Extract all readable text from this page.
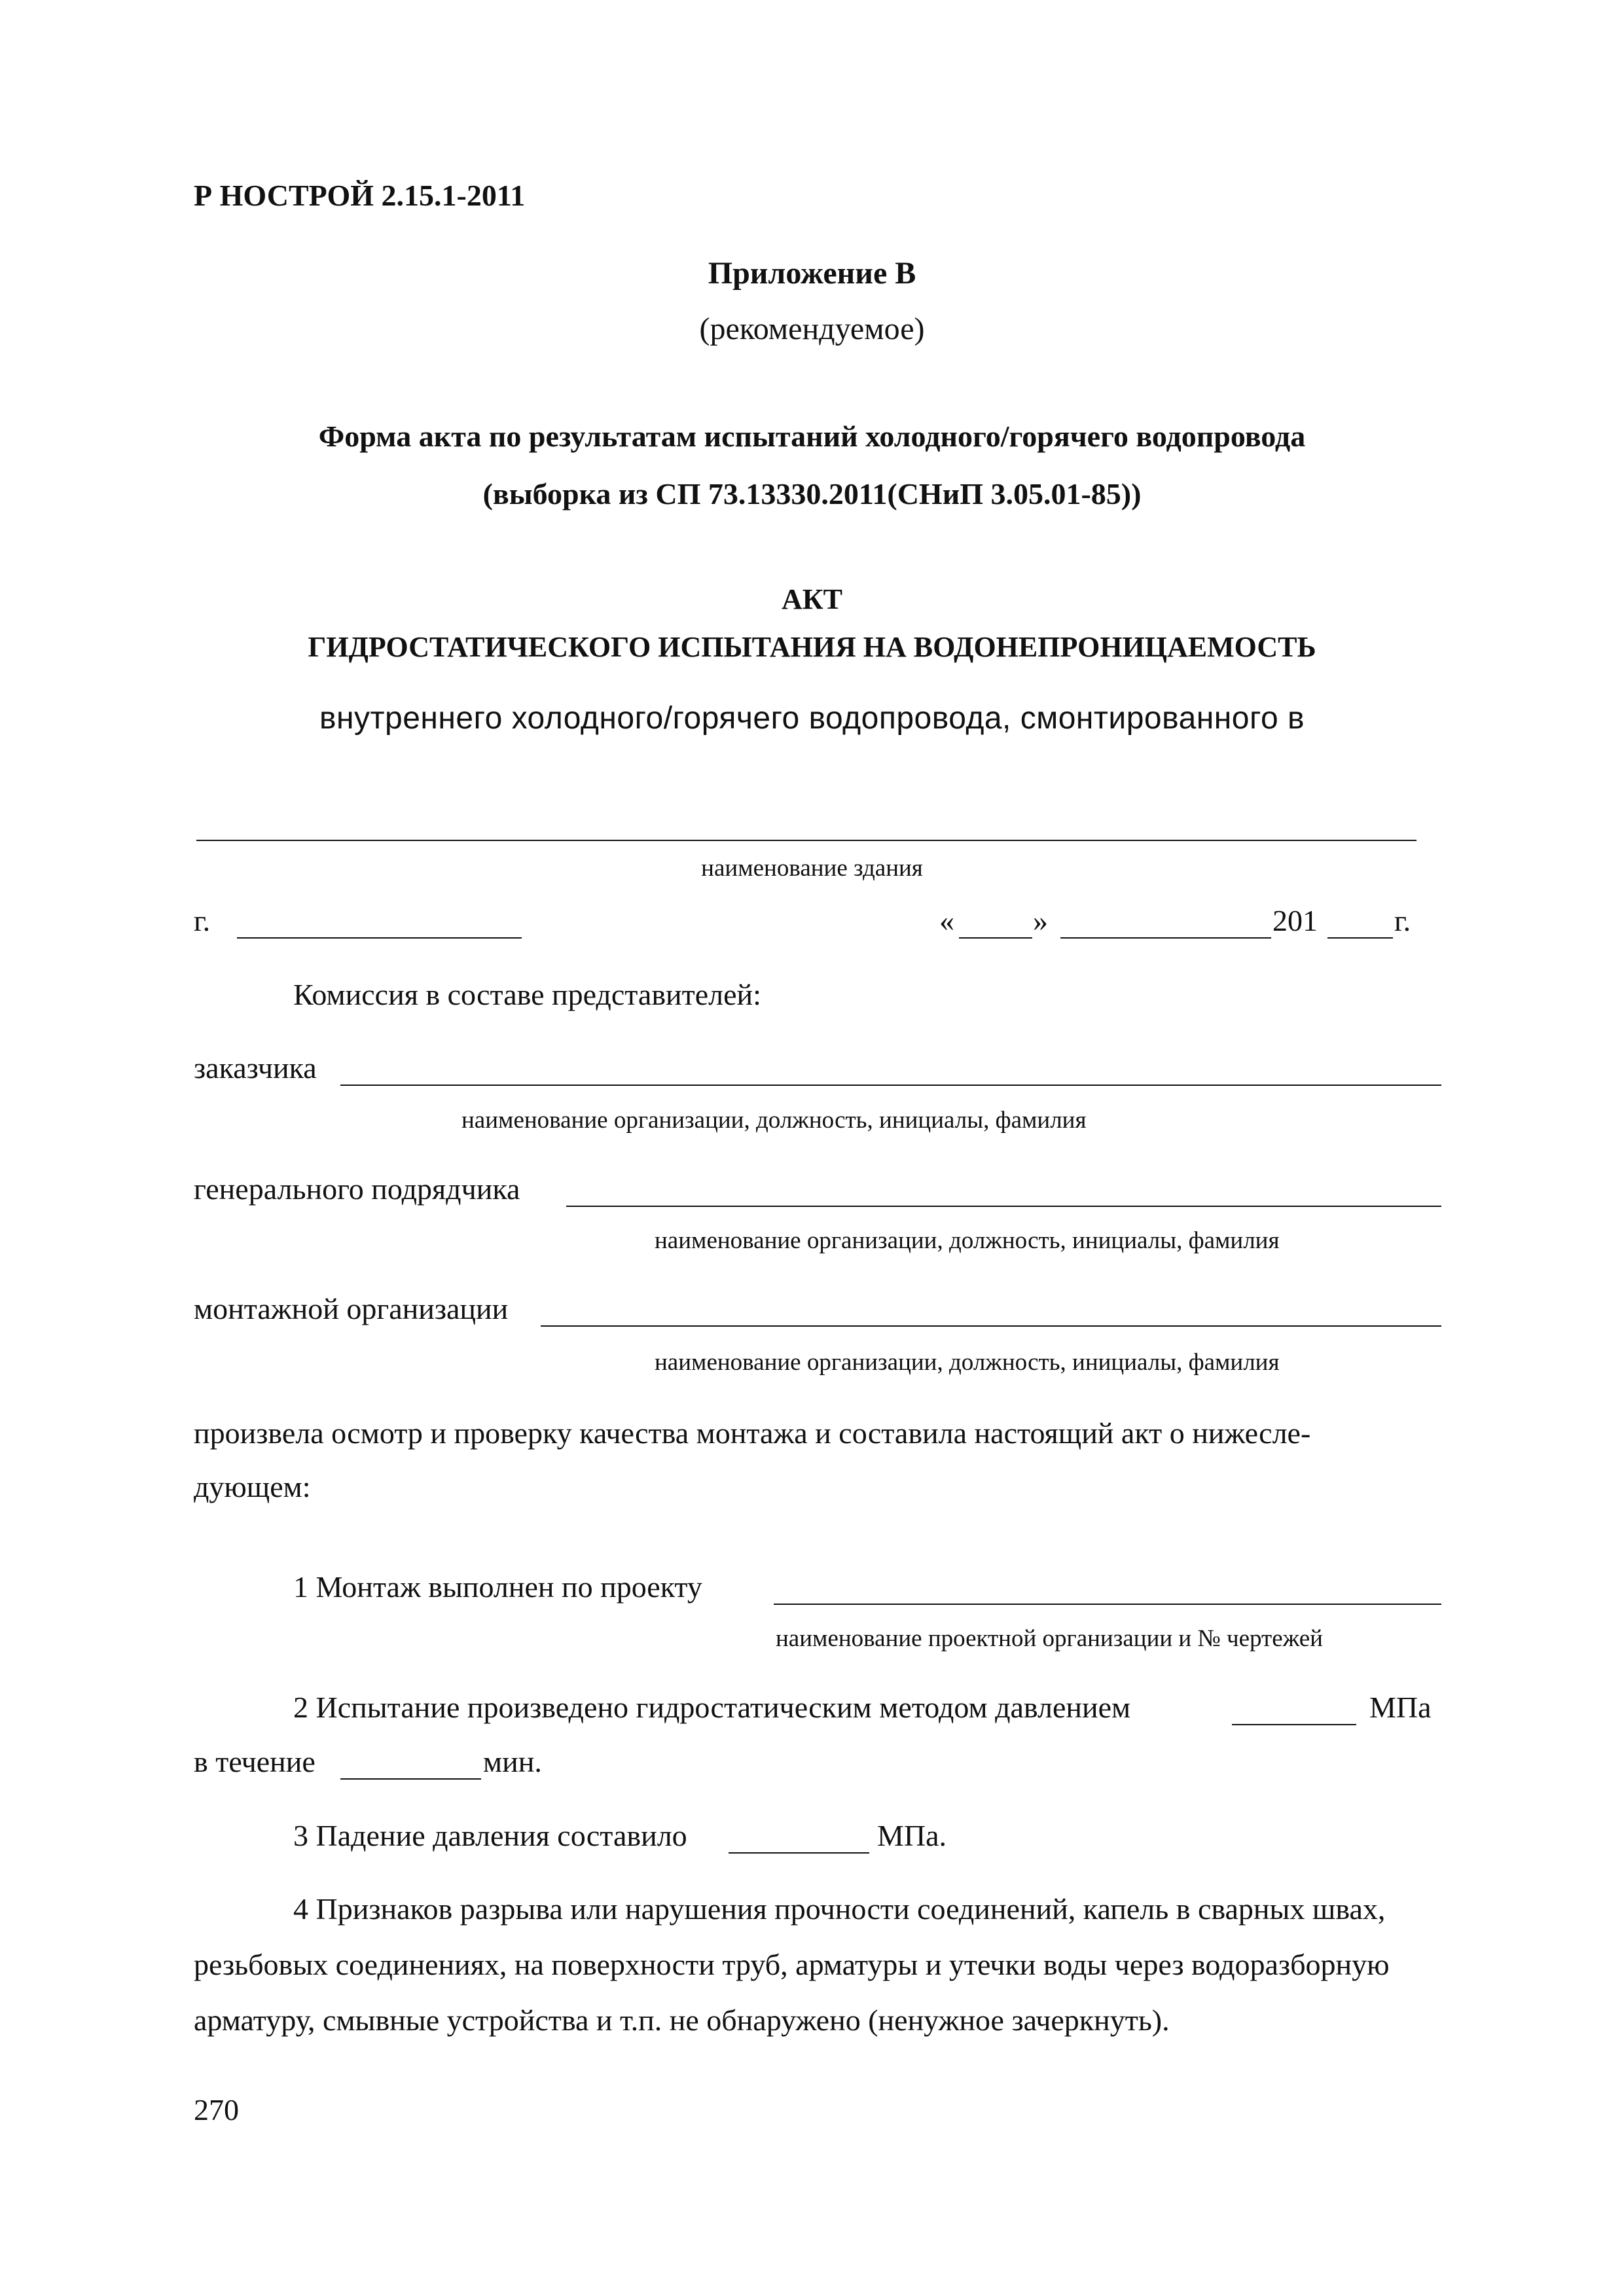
Р НОСТРОЙ 2.15.1-2011
Приложение В
(рекомендуемое)
Форма акта по результатам испытаний холодного/горячего водопровода
(выборка из СП 73.13330.2011(СНиП 3.05.01-85))
АКТ
ГИДРОСТАТИЧЕСКОГО ИСПЫТАНИЯ НА ВОДОНЕПРОНИЦАЕМОСТЬ
внутреннего холодного/горячего водопровода, смонтированного в
наименование здания
г.	«	»	201	г.
Комиссия в составе представителей:
заказчика
наименование организации, должность, инициалы, фамилия
генерального подрядчика
наименование организации, должность, инициалы, фамилия
монтажной организации
наименование организации, должность, инициалы, фамилия
произвела осмотр и проверку качества монтажа и составила настоящий акт о нижесле-
дующем:
1 Монтаж выполнен по проекту
наименование проектной организации и № чертежей
2 Испытание произведено гидростатическим методом давлением	МПа
в течение	мин.
3 Падение давления составило	МПа.
4 Признаков разрыва или нарушения прочности соединений, капель в сварных швах,
резьбовых соединениях, на поверхности труб, арматуры и утечки воды через водоразборную
арматуру, смывные устройства и т.п. не обнаружено (ненужное зачеркнуть).
270
